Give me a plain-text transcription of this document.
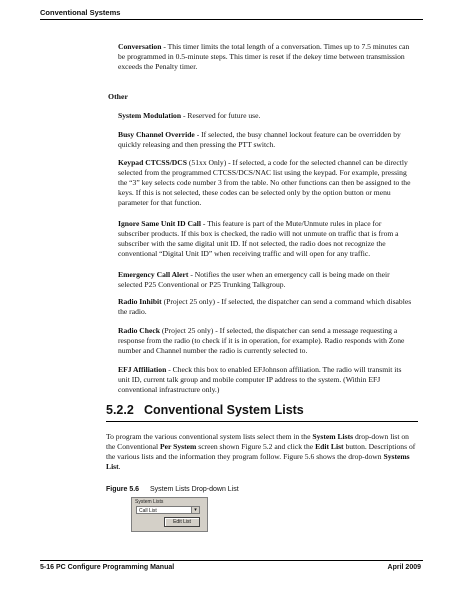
Conventional Systems

Conversation - This timer limits the total length of a conversation. Times up to 7.5 minutes can be programmed in 0.5-minute steps. This timer is reset if the dekey time between transmission exceeds the Penalty timer.

Other

System Modulation - Reserved for future use.

Busy Channel Override - If selected, the busy channel lockout feature can be overridden by quickly releasing and then pressing the PTT switch.

Keypad CTCSS/DCS (51xx Only) - If selected, a code for the selected channel can be directly selected from the programmed CTCSS/DCS/NAC list using the keypad. For example, pressing the “3” key selects code number 3 from the table. No other functions can then be assigned to the keys. If this is not selected, these codes can be selected only by the option button or menu parameter for that function.

Ignore Same Unit ID Call - This feature is part of the Mute/Unmute rules in place for subscriber products. If this box is checked, the radio will not unmute on traffic that is from a subscriber with the same digital unit ID. If not selected, the radio does not recognize the conventional “Digital Unit ID” when receiving traffic and will open for any traffic.

Emergency Call Alert - Notifies the user when an emergency call is being made on their selected P25 Conventional or P25 Trunking Talkgroup.

Radio Inhibit (Project 25 only) - If selected, the dispatcher can send a command which disables the radio.

Radio Check (Project 25 only) - If selected, the dispatcher can send a message requesting a response from the radio (to check if it is in operation, for example). Radio responds with Zone number and Channel number the radio is currently selected to.

EFJ Affiliation - Check this box to enabled EFJohnson affiliation. The radio will transmit its unit ID, current talk group and mobile computer IP address to the system. (Within EFJ conventional infrastructure only.)

5.2.2 Conventional System Lists

To program the various conventional system lists select them in the System Lists drop-down list on the Conventional Per System screen shown Figure 5.2 and click the Edit List button. Descriptions of the various lists and the information they program follow. Figure 5.6 shows the drop-down Systems List.

Figure 5.6 System Lists Drop-down List
System Lists
Call List	▾
Edit List
5-16 PC Configure Programming Manual	April 2009
